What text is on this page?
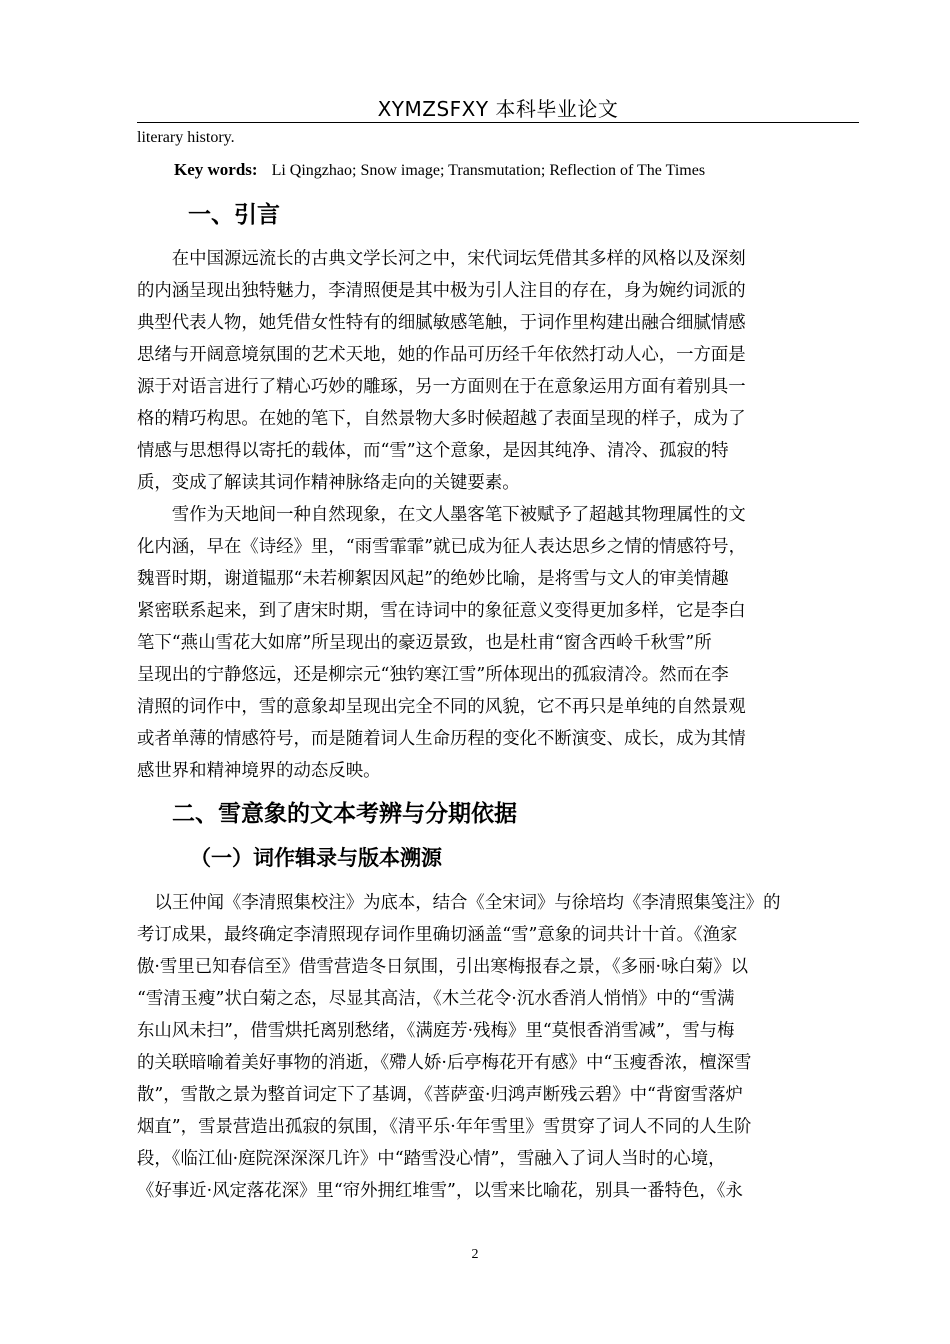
XYMZSFXY 本科毕业论文
literary history.
Key words: Li Qingzhao; Snow image; Transmutation; Reflection of The Times
一、引言
　　在中国源远流长的古典文学长河之中，宋代词坛凭借其多样的风格以及深刻
的内涵呈现出独特魅力，李清照便是其中极为引人注目的存在，身为婉约词派的
典型代表人物，她凭借女性特有的细腻敏感笔触，于词作里构建出融合细腻情感
思绪与开阔意境氛围的艺术天地，她的作品可历经千年依然打动人心，一方面是
源于对语言进行了精心巧妙的雕琢，另一方面则在于在意象运用方面有着别具一
格的精巧构思。在她的笔下，自然景物大多时候超越了表面呈现的样子，成为了
情感与思想得以寄托的载体，而“雪”这个意象，是因其纯净、清冷、孤寂的特
质，变成了解读其词作精神脉络走向的关键要素。
　　雪作为天地间一种自然现象，在文人墨客笔下被赋予了超越其物理属性的文
化内涵，早在《诗经》里，“雨雪霏霏”就已成为征人表达思乡之情的情感符号，
魏晋时期，谢道韫那“未若柳絮因风起”的绝妙比喻，是将雪与文人的审美情趣
紧密联系起来，到了唐宋时期，雪在诗词中的象征意义变得更加多样，它是李白
笔下“燕山雪花大如席”所呈现出的豪迈景致，也是杜甫“窗含西岭千秋雪”所
呈现出的宁静悠远，还是柳宗元“独钓寒江雪”所体现出的孤寂清冷。然而在李
清照的词作中，雪的意象却呈现出完全不同的风貌，它不再只是单纯的自然景观
或者单薄的情感符号，而是随着词人生命历程的变化不断演变、成长，成为其情
感世界和精神境界的动态反映。
二、雪意象的文本考辨与分期依据
（一）词作辑录与版本溯源
　以王仲闻《李清照集校注》为底本，结合《全宋词》与徐培均《李清照集笺注》的
考订成果，最终确定李清照现存词作里确切涵盖“雪”意象的词共计十首。《渔家
傲·雪里已知春信至》借雪营造冬日氛围，引出寒梅报春之景，《多丽·咏白菊》以
“雪清玉瘦”状白菊之态，尽显其高洁，《木兰花令·沉水香消人悄悄》中的“雪满
东山风未扫”，借雪烘托离别愁绪，《满庭芳·残梅》里“莫恨香消雪减”，雪与梅
的关联暗喻着美好事物的消逝，《殢人娇·后亭梅花开有感》中“玉瘦香浓，檀深雪
散”，雪散之景为整首词定下了基调，《菩萨蛮·归鸿声断残云碧》中“背窗雪落炉
烟直”，雪景营造出孤寂的氛围，《清平乐·年年雪里》雪贯穿了词人不同的人生阶
段，《临江仙·庭院深深深几许》中“踏雪没心情”，雪融入了词人当时的心境，
《好事近·风定落花深》里“帘外拥红堆雪”，以雪来比喻花，别具一番特色，《永
2
